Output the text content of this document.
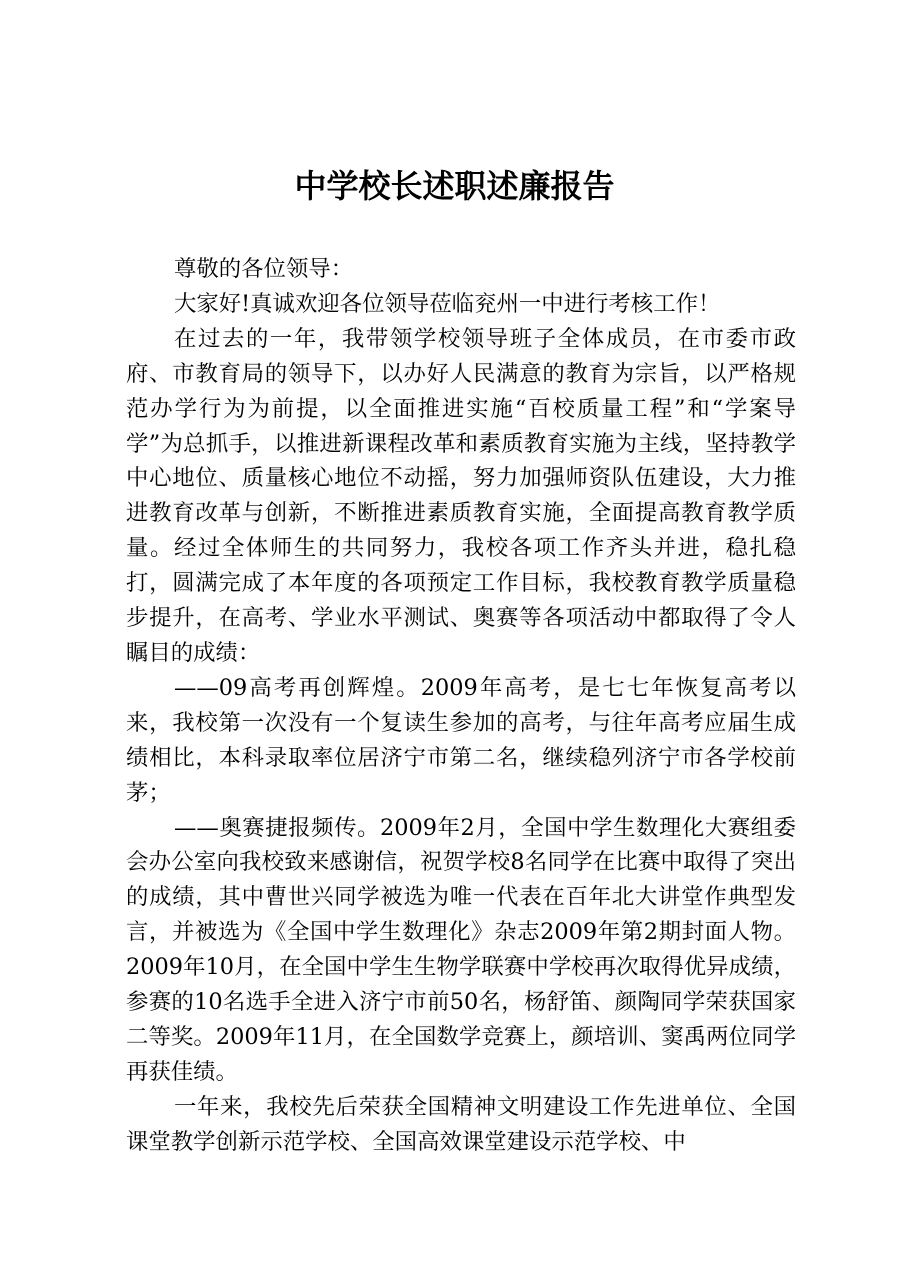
中学校长述职述廉报告

尊敬的各位领导：

大家好!真诚欢迎各位领导莅临兖州一中进行考核工作！

在过去的一年，我带领学校领导班子全体成员，在市委市政府、市教育局的领导下，以办好人民满意的教育为宗旨，以严格规范办学行为为前提，以全面推进实施“百校质量工程”和“学案导学”为总抓手，以推进新课程改革和素质教育实施为主线，坚持教学中心地位、质量核心地位不动摇，努力加强师资队伍建设，大力推进教育改革与创新，不断推进素质教育实施，全面提高教育教学质量。经过全体师生的共同努力，我校各项工作齐头并进，稳扎稳打，圆满完成了本年度的各项预定工作目标，我校教育教学质量稳步提升，在高考、学业水平测试、奥赛等各项活动中都取得了令人瞩目的成绩：

——09高考再创辉煌。2009年高考，是七七年恢复高考以来，我校第一次没有一个复读生参加的高考，与往年高考应届生成绩相比，本科录取率位居济宁市第二名，继续稳列济宁市各学校前茅；

——奥赛捷报频传。2009年2月，全国中学生数理化大赛组委会办公室向我校致来感谢信，祝贺学校8名同学在比赛中取得了突出的成绩，其中曹世兴同学被选为唯一代表在百年北大讲堂作典型发言，并被选为《全国中学生数理化》杂志2009年第2期封面人物。2009年10月，在全国中学生生物学联赛中学校再次取得优异成绩，参赛的10名选手全进入济宁市前50名，杨舒笛、颜陶同学荣获国家二等奖。2009年11月，在全国数学竞赛上，颜培训、窦禹两位同学再获佳绩。

一年来，我校先后荣获全国精神文明建设工作先进单位、全国课堂教学创新示范学校、全国高效课堂建设示范学校、中
